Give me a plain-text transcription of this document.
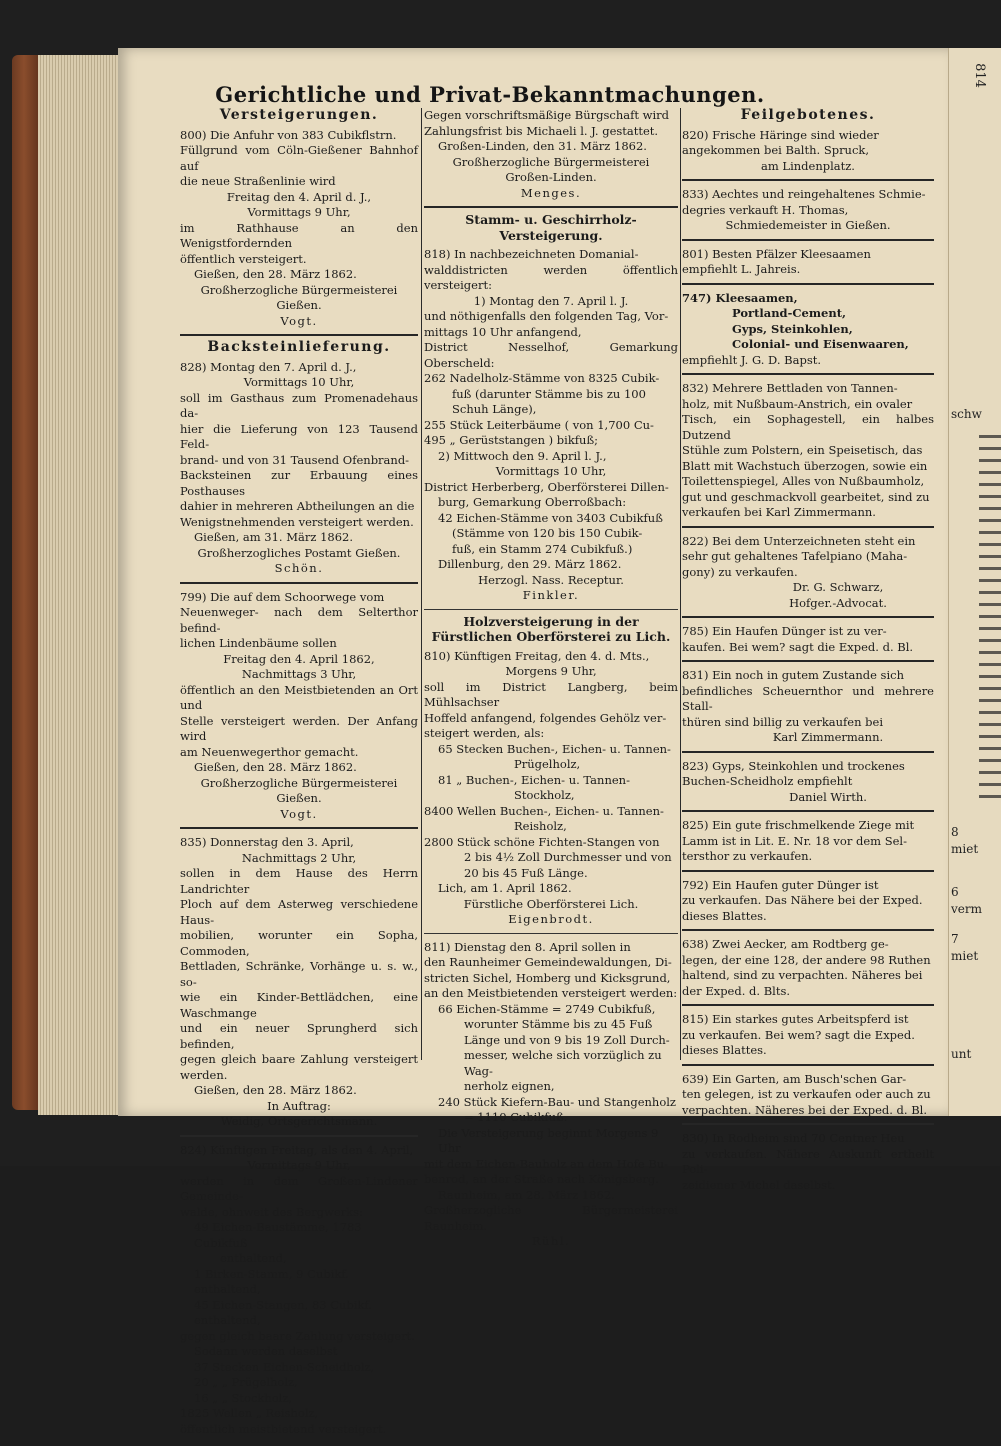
814
schw
8
miet
6
verm
7
miet
unt
Gerichtliche und Privat-Bekanntmachungen.
Versteigerungen.
800) Die Anfuhr von 383 Cubikflstrn.
Füllgrund vom Cöln-Gießener Bahnhof auf
die neue Straßenlinie wird
Freitag den 4. April d. J.,
Vormittags 9 Uhr,
im Rathhause an den Wenigstfordernden
öffentlich versteigert.
Gießen, den 28. März 1862.
Großherzogliche Bürgermeisterei Gießen.
Vogt.
Backsteinlieferung.
828) Montag den 7. April d. J.,
Vormittags 10 Uhr,
soll im Gasthaus zum Promenadehaus da-
hier die Lieferung von 123 Tausend Feld-
brand- und von 31 Tausend Ofenbrand-
Backsteinen zur Erbauung eines Posthauses
dahier in mehreren Abtheilungen an die
Wenigstnehmenden versteigert werden.
Gießen, am 31. März 1862.
Großherzogliches Postamt Gießen.
Schön.
799) Die auf dem Schoorwege vom
Neuenweger- nach dem Selterthor befind-
lichen Lindenbäume sollen
Freitag den 4. April 1862,
Nachmittags 3 Uhr,
öffentlich an den Meistbietenden an Ort und
Stelle versteigert werden. Der Anfang wird
am Neuenwegerthor gemacht.
Gießen, den 28. März 1862.
Großherzogliche Bürgermeisterei Gießen.
Vogt.
835) Donnerstag den 3. April,
Nachmittags 2 Uhr,
sollen in dem Hause des Herrn Landrichter
Ploch auf dem Asterweg verschiedene Haus-
mobilien, worunter ein Sopha, Commoden,
Bettladen, Schränke, Vorhänge u. s. w., so-
wie ein Kinder-Bettlädchen, eine Waschmange
und ein neuer Sprungherd sich befinden,
gegen gleich baare Zahlung versteigert werden.
Gießen, den 28. März 1862.
In Auftrag:
Weidig, Ortsgerichtsmann.
824) Künftigen Freitag, als den 4. April,
Vormittags 9 Uhr,
werden in dem Großen-Lindener Gemeinde-
walde, ohnweit des Bergwerks:
49 Eichen-Baustämme, 1783 Cubikfuß
enthaltend,
1 Birken-Stamm, 9 Cubikf. enthaltend,
45 Eichen-Stangen, 83 Cubikf. enthaltend,
gegen gleich baare Zahlung versteigert.
Sodann werden daselbst
37 Stecken Eichen-Scheidholz,
20 „ „ Prügelholz,
16 „ „ Stockholz,
1825 Wellen „ Reisholz,
öffentlich meistbietend versteigert.
Gegen vorschriftsmäßige Bürgschaft wird
Zahlungsfrist bis Michaeli l. J. gestattet.
Großen-Linden, den 31. März 1862.
Großherzogliche Bürgermeisterei
Großen-Linden.
Menges.
Stamm- u. Geschirrholz-Versteigerung.
818) In nachbezeichneten Domanial-
walddistricten werden öffentlich versteigert:
1) Montag den 7. April l. J.
und nöthigenfalls den folgenden Tag, Vor-
mittags 10 Uhr anfangend,
District Nesselhof, Gemarkung Oberscheld:
262 Nadelholz-Stämme von 8325 Cubik-
fuß (darunter Stämme bis zu 100
Schuh Länge),
255 Stück Leiterbäume ( von 1,700 Cu-
495 „ Gerüststangen ) bikfuß;
2) Mittwoch den 9. April l. J.,
Vormittags 10 Uhr,
District Herberberg, Oberförsterei Dillen-
burg, Gemarkung Oberroßbach:
42 Eichen-Stämme von 3403 Cubikfuß
(Stämme von 120 bis 150 Cubik-
fuß, ein Stamm 274 Cubikfuß.)
Dillenburg, den 29. März 1862.
Herzogl. Nass. Receptur.
Finkler.
Holzversteigerung in der Fürstlichen Oberförsterei zu Lich.
810) Künftigen Freitag, den 4. d. Mts.,
Morgens 9 Uhr,
soll im District Langberg, beim Mühlsachser
Hoffeld anfangend, folgendes Gehölz ver-
steigert werden, als:
65 Stecken Buchen-, Eichen- u. Tannen-
Prügelholz,
81 „ Buchen-, Eichen- u. Tannen-
Stockholz,
8400 Wellen Buchen-, Eichen- u. Tannen-
Reisholz,
2800 Stück schöne Fichten-Stangen von
2 bis 4½ Zoll Durchmesser und von
20 bis 45 Fuß Länge.
Lich, am 1. April 1862.
Fürstliche Oberförsterei Lich.
Eigenbrodt.
811) Dienstag den 8. April sollen in
den Raunheimer Gemeindewaldungen, Di-
stricten Sichel, Homberg und Kicksgrund,
an den Meistbietenden versteigert werden:
66 Eichen-Stämme = 2749 Cubikfuß,
worunter Stämme bis zu 45 Fuß
Länge und von 9 bis 19 Zoll Durch-
messer, welche sich vorzüglich zu Wag-
nerholz eignen,
240 Stück Kiefern-Bau- und Stangenholz
= 1110 Cubikfuß.
Die Versteigerung beginnt Morgens 9 Uhr
mit dem Eichen-Bauholz an dem Hofe Bu-
benrod, an der Straße nach Königsberg.
Raunheim, am 28. März 1862.
Großherzogliche Bürgermeisterei Raunheim.
Rühl.
Feilgebotenes.
820) Frische Häringe sind wieder
angekommen bei Balth. Spruck,
am Lindenplatz.
833) Aechtes und reingehaltenes Schmie-
degries verkauft H. Thomas,
Schmiedemeister in Gießen.
801) Besten Pfälzer Kleesaamen
empfiehlt L. Jahreis.
747) Kleesaamen,
Portland-Cement,
Gyps, Steinkohlen,
Colonial- und Eisenwaaren,
empfiehlt J. G. D. Bapst.
832) Mehrere Bettladen von Tannen-
holz, mit Nußbaum-Anstrich, ein ovaler
Tisch, ein Sophagestell, ein halbes Dutzend
Stühle zum Polstern, ein Speisetisch, das
Blatt mit Wachstuch überzogen, sowie ein
Toilettenspiegel, Alles von Nußbaumholz,
gut und geschmackvoll gearbeitet, sind zu
verkaufen bei Karl Zimmermann.
822) Bei dem Unterzeichneten steht ein
sehr gut gehaltenes Tafelpiano (Maha-
gony) zu verkaufen.
Dr. G. Schwarz,
Hofger.-Advocat.
785) Ein Haufen Dünger ist zu ver-
kaufen. Bei wem? sagt die Exped. d. Bl.
831) Ein noch in gutem Zustande sich
befindliches Scheuernthor und mehrere Stall-
thüren sind billig zu verkaufen bei
Karl Zimmermann.
823) Gyps, Steinkohlen und trockenes
Buchen-Scheidholz empfiehlt
Daniel Wirth.
825) Ein gute frischmelkende Ziege mit
Lamm ist in Lit. E. Nr. 18 vor dem Sel-
tersthor zu verkaufen.
792) Ein Haufen guter Dünger ist
zu verkaufen. Das Nähere bei der Exped.
dieses Blattes.
638) Zwei Aecker, am Rodtberg ge-
legen, der eine 128, der andere 98 Ruthen
haltend, sind zu verpachten. Näheres bei
der Exped. d. Blts.
815) Ein starkes gutes Arbeitspferd ist
zu verkaufen. Bei wem? sagt die Exped.
dieses Blattes.
639) Ein Garten, am Busch'schen Gar-
ten gelegen, ist zu verkaufen oder auch zu
verpachten. Näheres bei der Exped. d. Bl.
830) In Rodheim sind 70 Centner Heu
zu verkaufen. Nähere Auskunft ertheilt Poli-
zeidiener Michel daselbst.
